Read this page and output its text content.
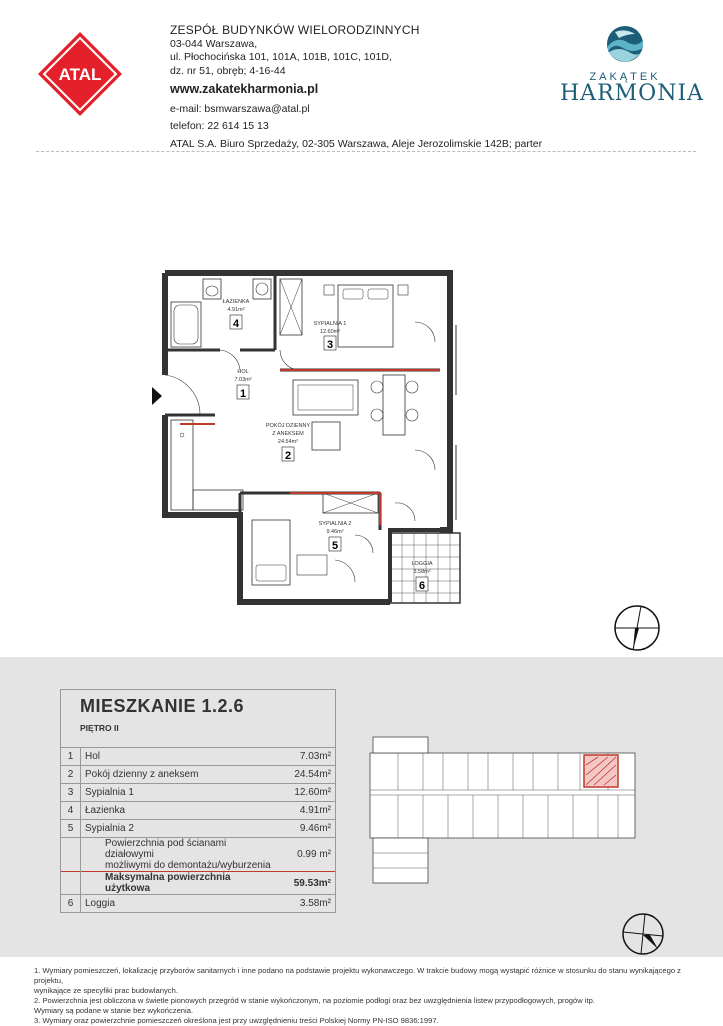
ATAL
ZESPÓŁ BUDYNKÓW WIELORODZINNYCH
03-044 Warszawa,
ul. Płochocińska 101, 101A, 101B, 101C, 101D,
dz. nr 51, obręb; 4-16-44
www.zakatekharmonia.pl
e-mail: bsmwarszawa@atal.pl
telefon: 22 614 15 13
ATAL S.A. Biuro Sprzedaży, 02-305 Warszawa, Aleje Jerozolimskie 142B; parter
ZAKĄTEK
HARMONIA
ŁAZIENKA
4.91m²
4	SYPIALNIA 1
12.60m²
3
HOL
7.03m²
1
POKÓJ DZIENNY
Z ANEKSEM
24.54m²
2
SYPIALNIA 2
9.46m²
5
LOGGIA
3.58m²
6
MIESZKANIE 1.2.6
PIĘTRO II
1	Hol	7.03m²
2	Pokój dzienny z aneksem	24.54m²
3	Sypialnia 1	12.60m²
4	Łazienka	4.91m²
5	Sypialnia 2	9.46m²

	Powierzchnia pod ścianami działowymi
możliwymi do demontażu/wyburzenia	0.99 m²
	Maksymalna powierzchnia użytkowa	59.53m²
6	Loggia	3.58m²
1. Wymiary pomieszczeń, lokalizację przyborów sanitarnych i inne podano na podstawie projektu wykonawczego. W trakcie budowy mogą wystąpić różnice w stosunku do stanu wynikającego z projektu,
wynikające ze specyfiki prac budowlanych.
2. Powierzchnia jest obliczona w świetle pionowych przegród w stanie wykończonym, na poziomie podłogi oraz bez uwzględnienia listew przypodłogowych, progów itp.
Wymiary są podane w stanie bez wykończenia.
3. Wymiary oraz powierzchnie pomieszczeń określona jest przy uwzględnieniu treści Polskiej Normy PN-ISO 9836:1997.
